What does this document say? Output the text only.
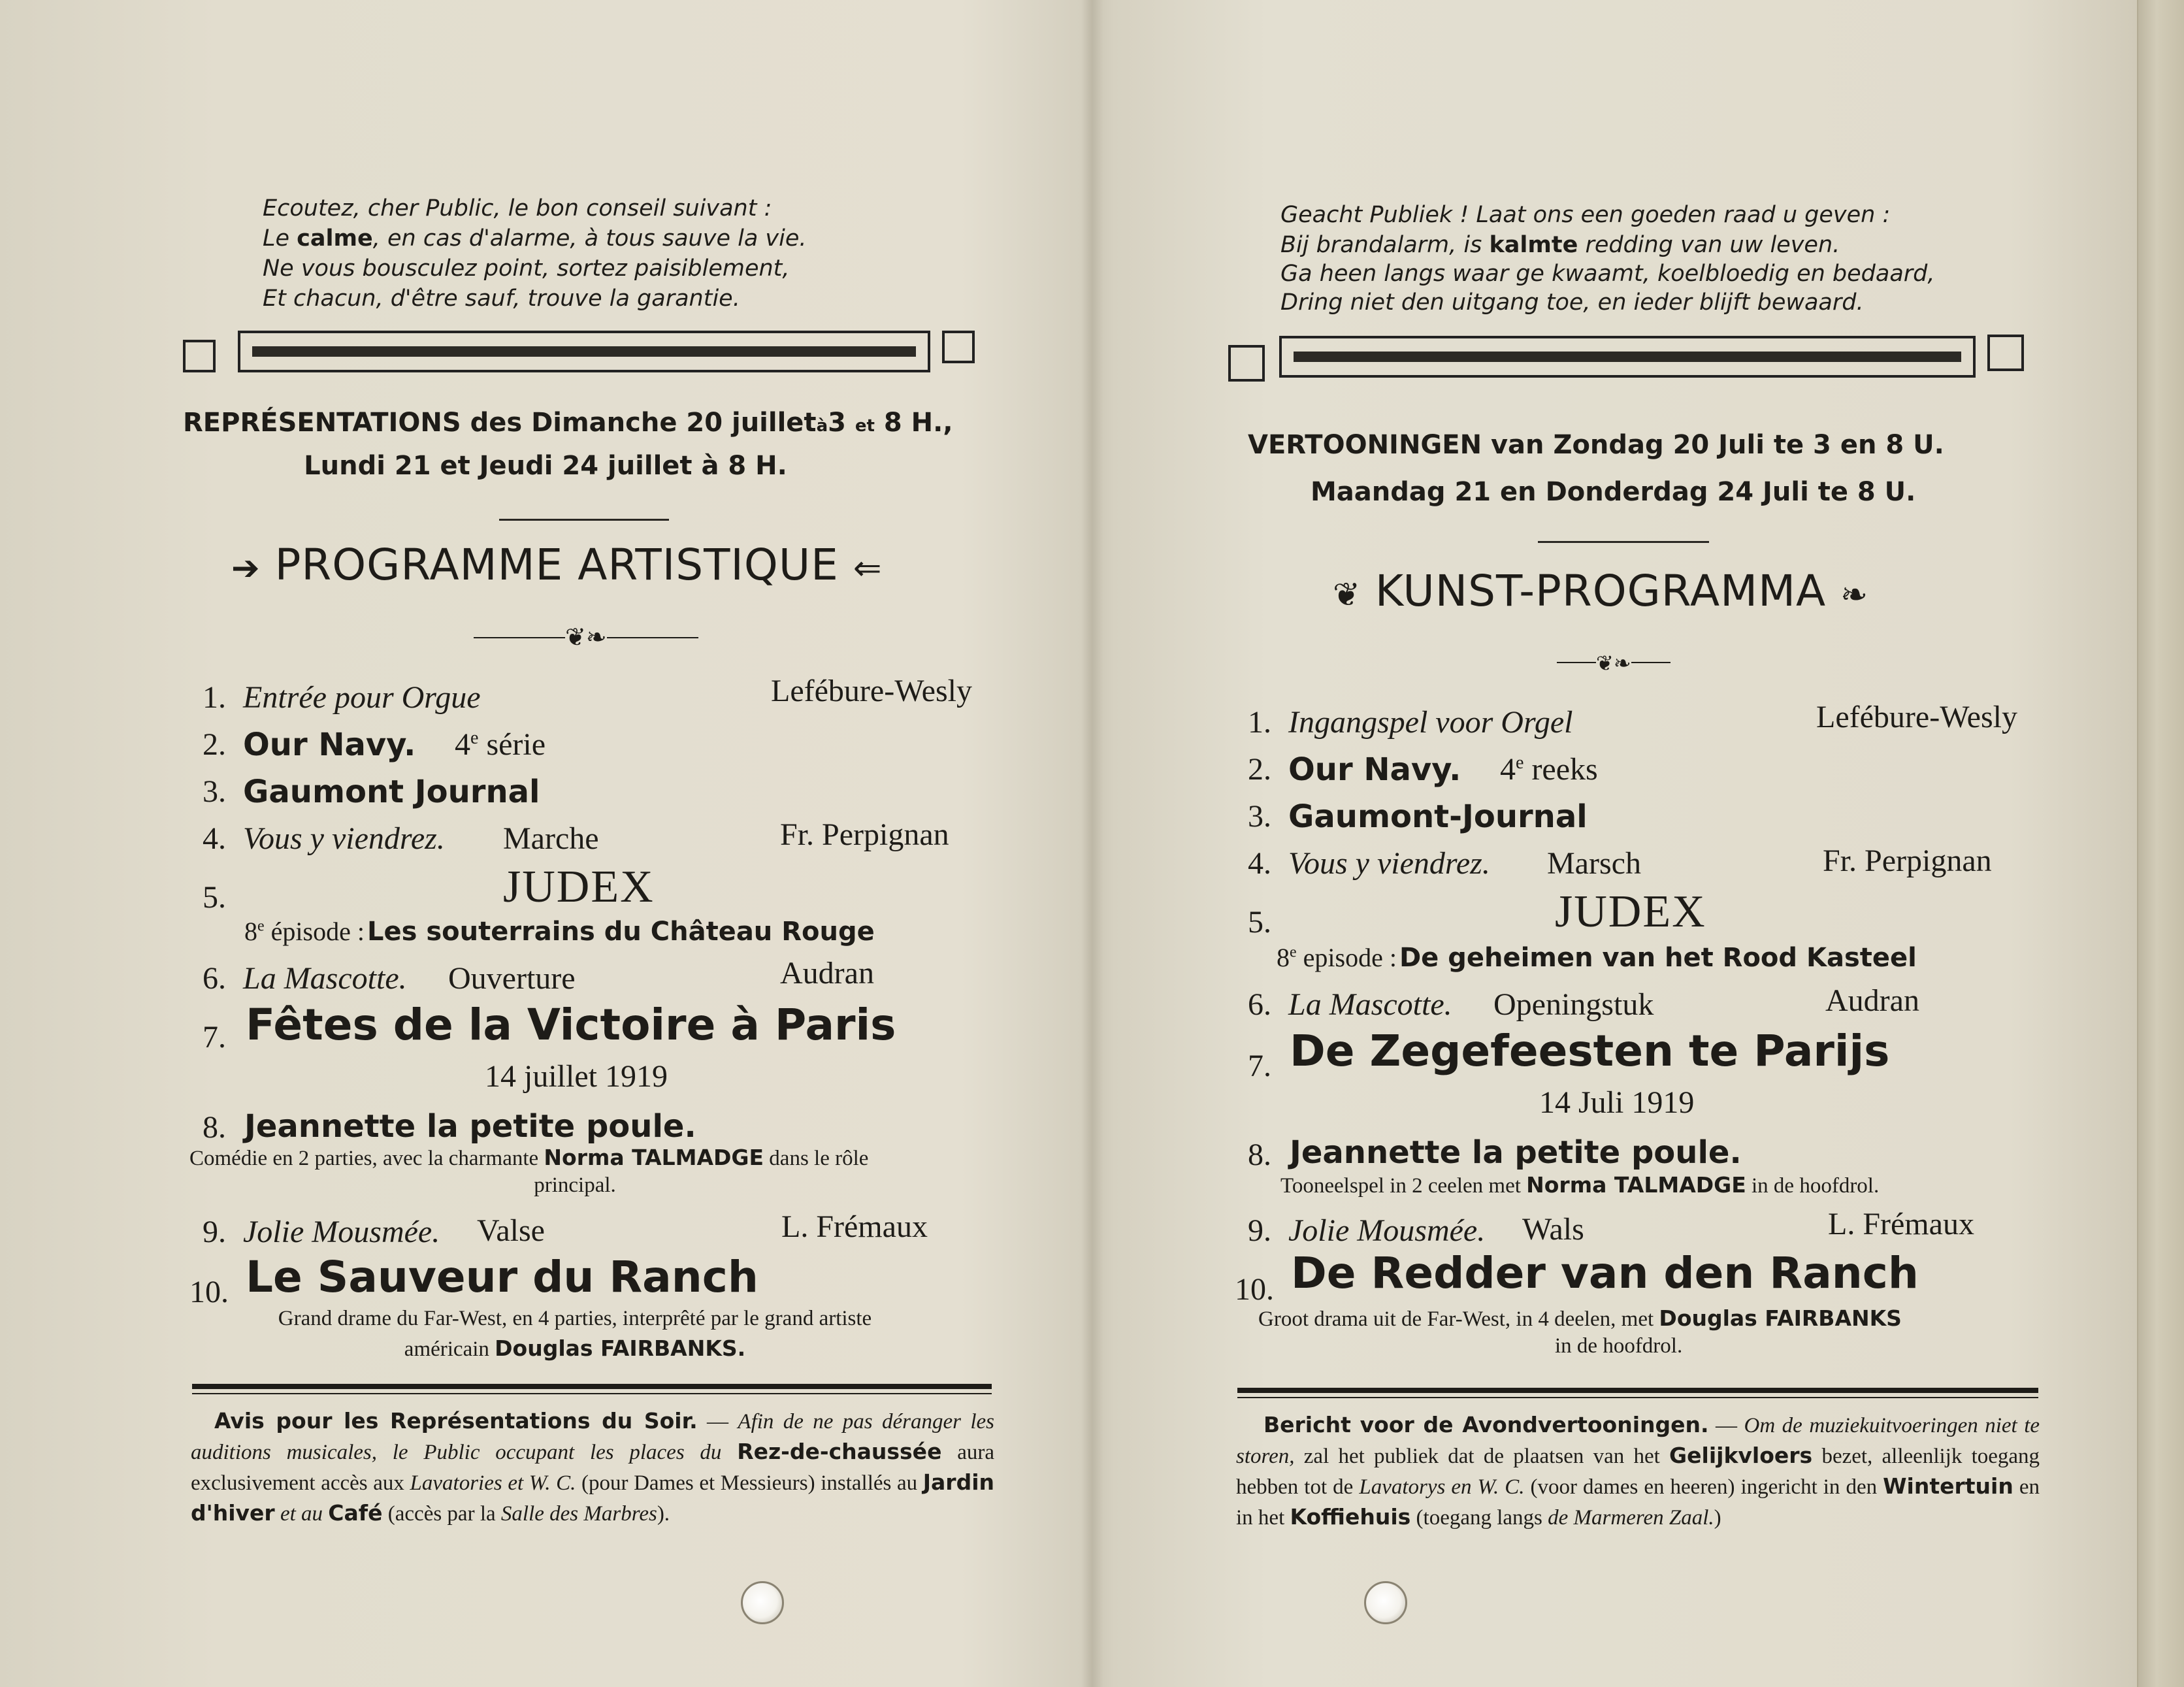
Ecoutez, cher Public, le bon conseil suivant :
Le calme, en cas d'alarme, à tous sauve la vie.
Ne vous bousculez point, sortez paisiblement,
Et chacun, d'être sauf, trouve la garantie.
REPRÉSENTATIONS des Dimanche 20 juilletà3 et 8 H.,
Lundi 21 et Jeudi 24 juillet à 8 H.
➔ PROGRAMME ARTISTIQUE ⇐
❦❧
1. Entrée pour Orgue	Lefébure-Wesly
2. Our Navy. 4e série
3. Gaumont Journal
4. Vous y viendrez. Marche	Fr. Perpignan
5.	JUDEX
8e épisode : Les souterrains du Château Rouge
6. La Mascotte. Ouverture	Audran
7. Fêtes de la Victoire à Paris
14 juillet 1919
8. Jeannette la petite poule.
Comédie en 2 parties, avec la charmante Norma TALMADGE dans le rôle
principal.
9. Jolie Mousmée. Valse	L. Frémaux
10. Le Sauveur du Ranch
Grand drame du Far-West, en 4 parties, interprêté par le grand artiste
américain Douglas FAIRBANKS.
Avis pour les Représentations du Soir. — Afin de ne pas déranger les auditions musicales, le Public occupant les places du Rez-de-chaussée aura exclusivement accès aux Lavatories et W. C. (pour Dames et Messieurs) installés au Jardin d'hiver et au Café (accès par la Salle des Marbres).
Geacht Publiek ! Laat ons een goeden raad u geven :
Bij brandalarm, is kalmte redding van uw leven.
Ga heen langs waar ge kwaamt, koelbloedig en bedaard,
Dring niet den uitgang toe, en ieder blijft bewaard.
VERTOONINGEN van Zondag 20 Juli te 3 en 8 U.
Maandag 21 en Donderdag 24 Juli te 8 U.
❦ KUNST-PROGRAMMA ❧
❦❧
1. Ingangspel voor Orgel	Lefébure-Wesly
2. Our Navy. 4e reeks
3. Gaumont-Journal
4. Vous y viendrez. Marsch	Fr. Perpignan
5.	JUDEX
8e episode : De geheimen van het Rood Kasteel
6. La Mascotte. Openingstuk	Audran
7. De Zegefeesten te Parijs
14 Juli 1919
8. Jeannette la petite poule.
Tooneelspel in 2 ceelen met Norma TALMADGE in de hoofdrol.
9. Jolie Mousmée. Wals	L. Frémaux
10. De Redder van den Ranch
Groot drama uit de Far-West, in 4 deelen, met Douglas FAIRBANKS
in de hoofdrol.
Bericht voor de Avondvertooningen. — Om de muziekuitvoeringen niet te storen, zal het publiek dat de plaatsen van het Gelijkvloers bezet, alleenlijk toegang hebben tot de Lavatorys en W. C. (voor dames en heeren) ingericht in den Wintertuin en in het Koffiehuis (toegang langs de Marmeren Zaal.)
